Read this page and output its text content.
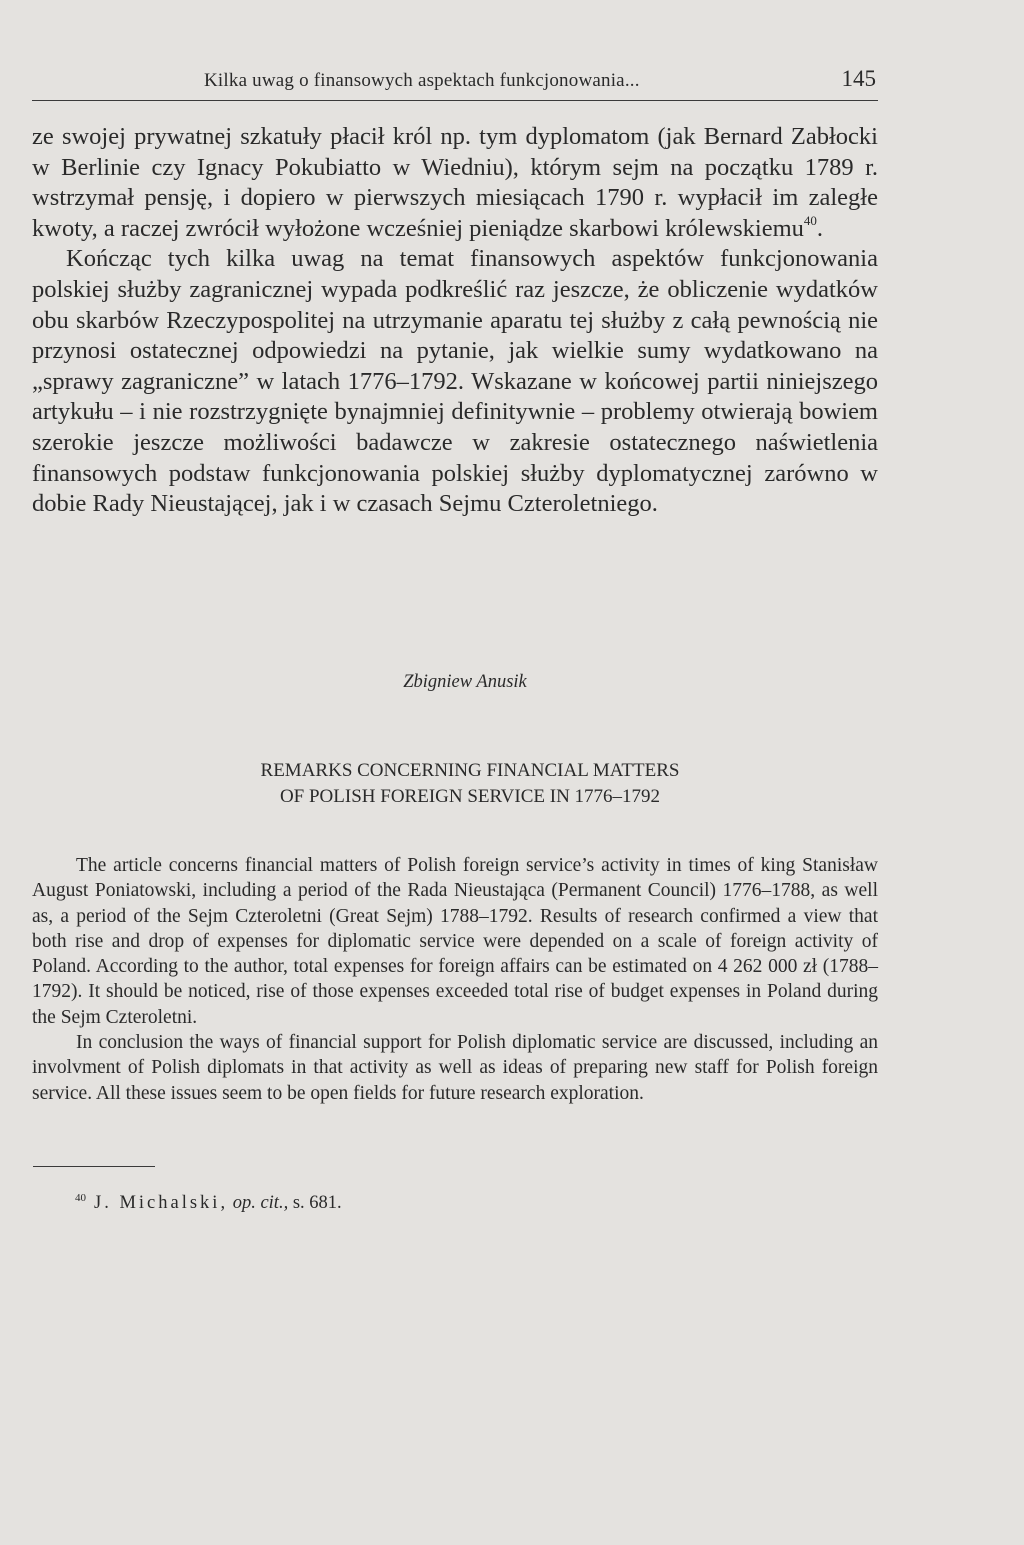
Kilka uwag o finansowych aspektach funkcjonowania...	145

ze swojej prywatnej szkatuły płacił król np. tym dyplomatom (jak Bernard Zabłocki w Berlinie czy Ignacy Pokubiatto w Wiedniu), którym sejm na początku 1789 r. wstrzymał pensję, i dopiero w pierwszych miesiącach 1790 r. wypłacił im zaległe kwoty, a raczej zwrócił wyłożone wcześniej pieniądze skarbowi królewskiemu$^{40}$.

Kończąc tych kilka uwag na temat finansowych aspektów funkcjonowania polskiej służby zagranicznej wypada podkreślić raz jeszcze, że obliczenie wydatków obu skarbów Rzeczypospolitej na utrzymanie aparatu tej służby z całą pewnością nie przynosi ostatecznej odpowiedzi na pytanie, jak wielkie sumy wydatkowano na „sprawy zagraniczne” w latach 1776–1792. Wskazane w końcowej partii niniejszego artykułu – i nie rozstrzygnięte bynajmniej definitywnie – problemy otwierają bowiem szerokie jeszcze możliwości badawcze w zakresie ostatecznego naświetlenia finansowych podstaw funkcjonowania polskiej służby dyplomatycznej zarówno w dobie Rady Nieustającej, jak i w czasach Sejmu Czteroletniego.

Zbigniew Anusik
REMARKS CONCERNING FINANCIAL MATTERS
OF POLISH FOREIGN SERVICE IN 1776–1792

The article concerns financial matters of Polish foreign service’s activity in times of king Stanisław August Poniatowski, including a period of the Rada Nieustająca (Permanent Council) 1776–1788, as well as, a period of the Sejm Czteroletni (Great Sejm) 1788–1792. Results of research confirmed a view that both rise and drop of expenses for diplomatic service were depended on a scale of foreign activity of Poland. According to the author, total expenses for foreign affairs can be estimated on 4 262 000 zł (1788–1792). It should be noticed, rise of those expenses exceeded total rise of budget expenses in Poland during the Sejm Czteroletni.

In conclusion the ways of financial support for Polish diplomatic service are discussed, including an involvment of Polish diplomats in that activity as well as ideas of preparing new staff for Polish foreign service. All these issues seem to be open fields for future research exploration.

$^{40}$ J. Michalski, op. cit., s. 681.
